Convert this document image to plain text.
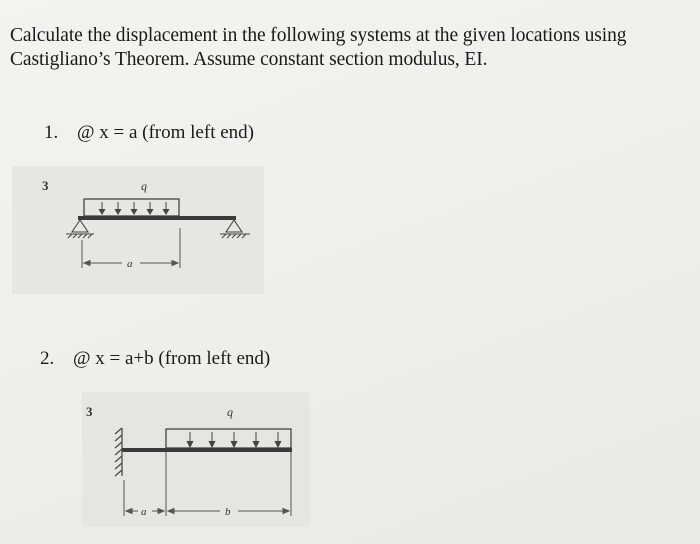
Calculate the displacement in the following systems at the given locations using
Castigliano’s Theorem. Assume constant section modulus, EI.
1. @ x = a (from left end)
3	q
a
2. @ x = a+b (from left end)
3	q
a	b
